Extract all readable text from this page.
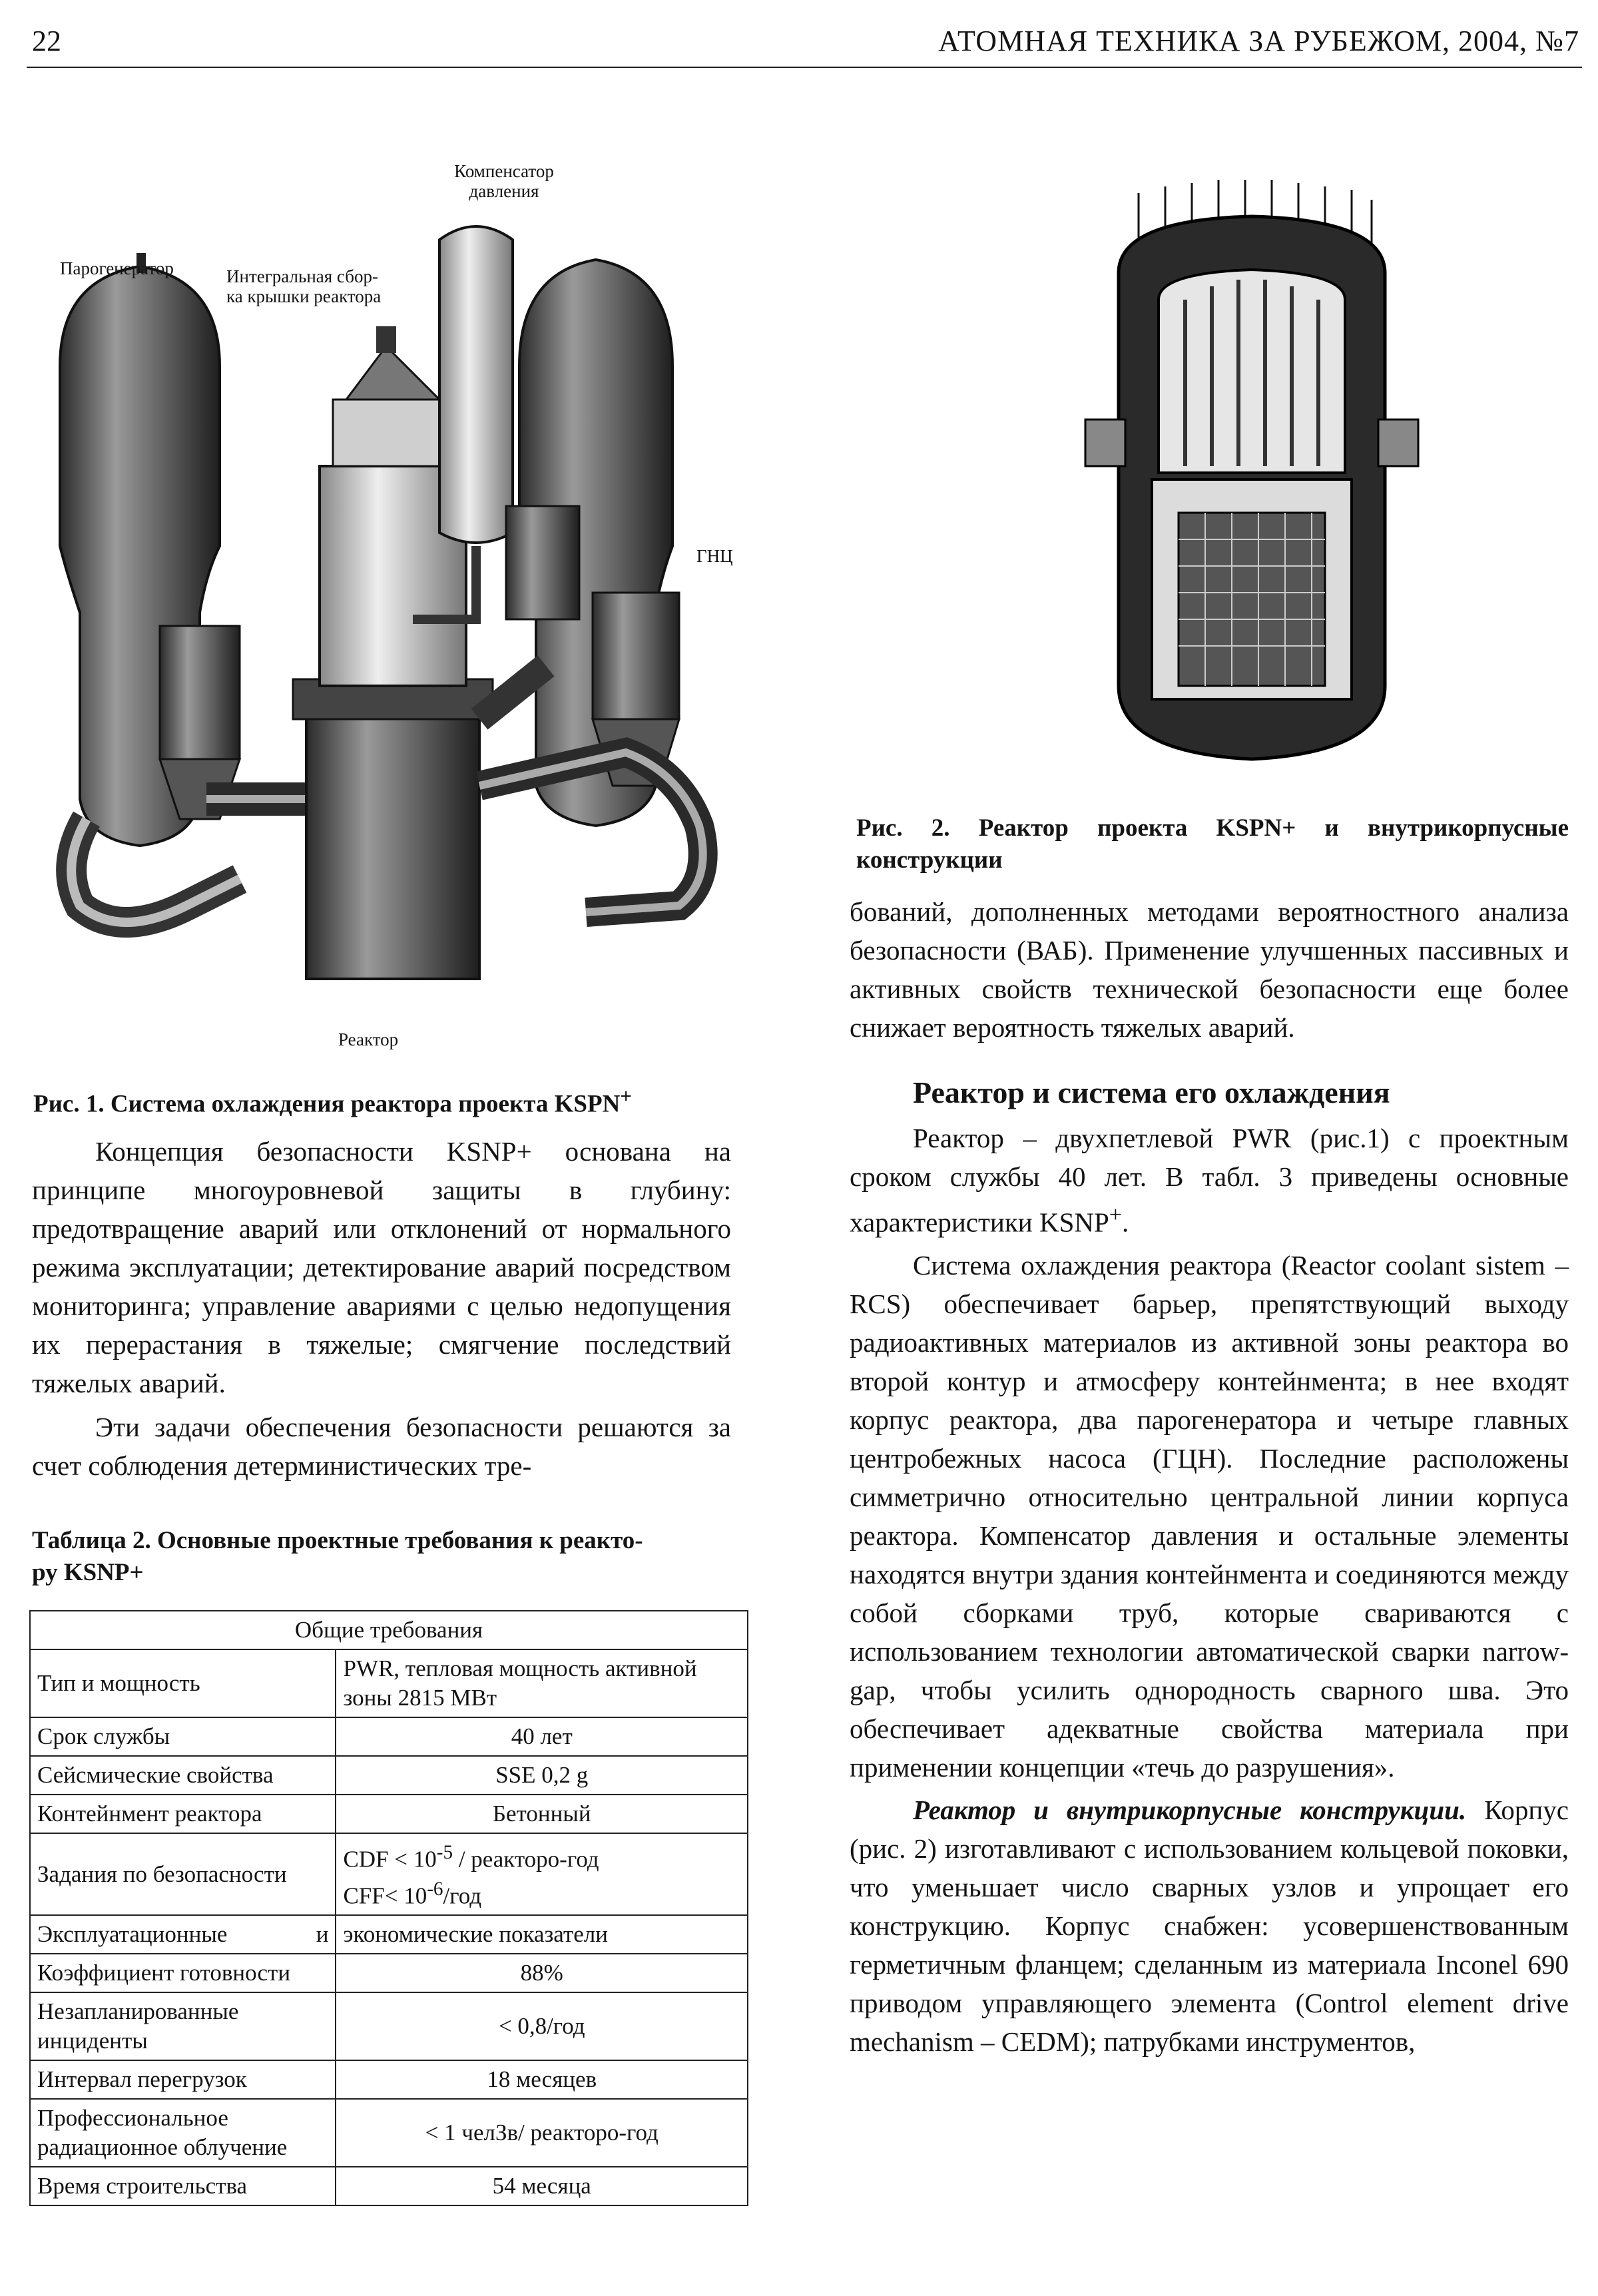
22	АТОМНАЯ ТЕХНИКА ЗА РУБЕЖОМ, 2004, №7
Компенсатор
давления
Парогенератор	Интегральная сбор-
ка крышки реактора
ГНЦ
Реактор
Рис. 1. Система охлаждения реактора проекта KSPN+
Рис. 2. Реактор проекта KSPN+ и внутрикорпусные
конструкции

Концепция безопасности KSNP+ основана на принципе многоуровневой защиты в глубину: предотвращение аварий или отклонений от нормального режима эксплуатации; детектирование аварий посредством мониторинга; управление авариями с целью недопущения их перерастания в тяжелые; смягчение последствий тяжелых аварий.

Эти задачи обеспечения безопасности решаются за счет соблюдения детерминистических тре-

Таблица 2. Основные проектные требования к реакто-
ру KSNP+
Общие требования	
Тип и мощность	PWR, тепловая мощность активной зоны 2815 МВт
Срок службы	40 лет
Сейсмические свойства	SSE 0,2 g
Контейнмент реактора	Бетонный
Задания по безопасности	CDF < $10^{-5}$ / реакторо-год
$CFF< 10^{-6}$/год

Эксплуатационные и	экономические показатели
Коэффициент готовности	88%
Незапланированные инциденты	< 0,8/год
Интервал перегрузок	18 месяцев
Профессиональное радиационное облучение	< 1 челЗв/ реакторо-год
Время строительства	54 месяца

бований, дополненных методами вероятностного анализа безопасности (ВАБ). Применение улучшенных пассивных и активных свойств технической безопасности еще более снижает вероятность тяжелых аварий.

Реактор и система его охлаждения

Реактор – двухпетлевой PWR (рис.1) с проектным сроком службы 40 лет. В табл. 3 приведены основные характеристики KSNP+.

Система охлаждения реактора (Reactor coolant sistem – RCS) обеспечивает барьер, препятствующий выходу радиоактивных материалов из активной зоны реактора во второй контур и атмосферу контейнмента; в нее входят корпус реактора, два парогенератора и четыре главных центробежных насоса (ГЦН). Последние расположены симметрично относительно центральной линии корпуса реактора. Компенсатор давления и остальные элементы находятся внутри здания контейнмента и соединяются между собой сборками труб, которые свариваются с использованием технологии автоматической сварки narrow-gap, чтобы усилить однородность сварного шва. Это обеспечивает адекватные свойства материала при применении концепции «течь до разрушения».

Реактор и внутрикорпусные конструкции. Корпус (рис. 2) изготавливают с использованием кольцевой поковки, что уменьшает число сварных узлов и упрощает его конструкцию. Корпус снабжен: усовершенствованным герметичным фланцем; сделанным из материала Inconel 690 приводом управляющего элемента (Control element drive mechanism – CEDM); патрубками инструментов,
